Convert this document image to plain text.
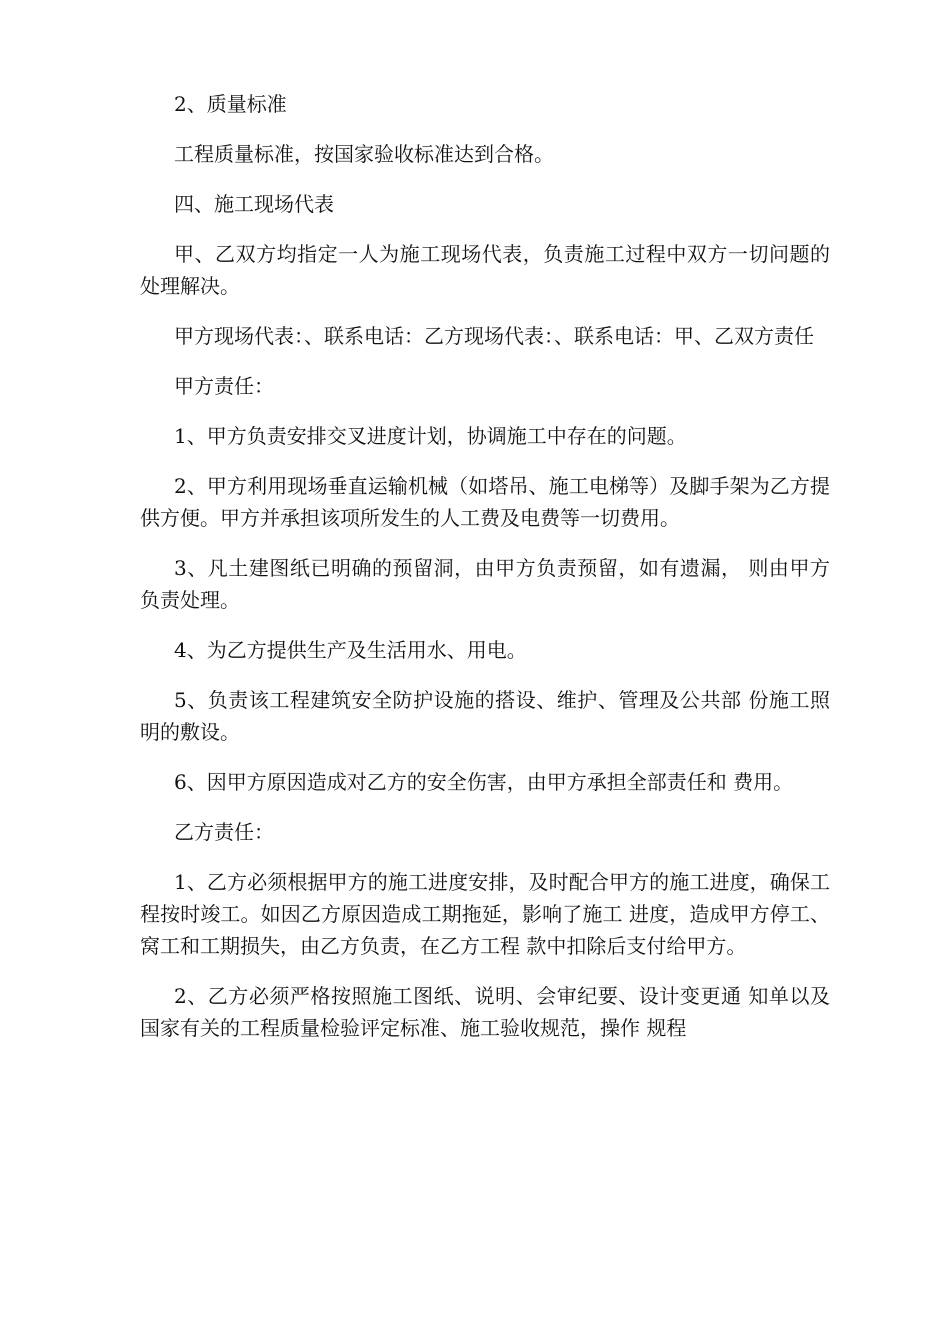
2、质量标准

工程质量标准，按国家验收标准达到合格。

四、施工现场代表

甲、乙双方均指定一人为施工现场代表，负责施工过程中双方一切问题的处理解决。

甲方现场代表：、联系电话：乙方现场代表：、联系电话：甲、乙双方责任

甲方责任：

1、甲方负责安排交叉进度计划，协调施工中存在的问题。

2、甲方利用现场垂直运输机械（如塔吊、施工电梯等）及脚手架为乙方提供方便。甲方并承担该项所发生的人工费及电费等一切费用。

3、凡土建图纸已明确的预留洞，由甲方负责预留，如有遗漏， 则由甲方负责处理。

4、为乙方提供生产及生活用水、用电。

5、负责该工程建筑安全防护设施的搭设、维护、管理及公共部 份施工照明的敷设。

6、因甲方原因造成对乙方的安全伤害，由甲方承担全部责任和 费用。

乙方责任：

1、乙方必须根据甲方的施工进度安排，及时配合甲方的施工进度，确保工程按时竣工。如因乙方原因造成工期拖延，影响了施工 进度，造成甲方停工、窝工和工期损失，由乙方负责，在乙方工程 款中扣除后支付给甲方。

2、乙方必须严格按照施工图纸、说明、会审纪要、设计变更通 知单以及国家有关的工程质量检验评定标准、施工验收规范，操作 规程
